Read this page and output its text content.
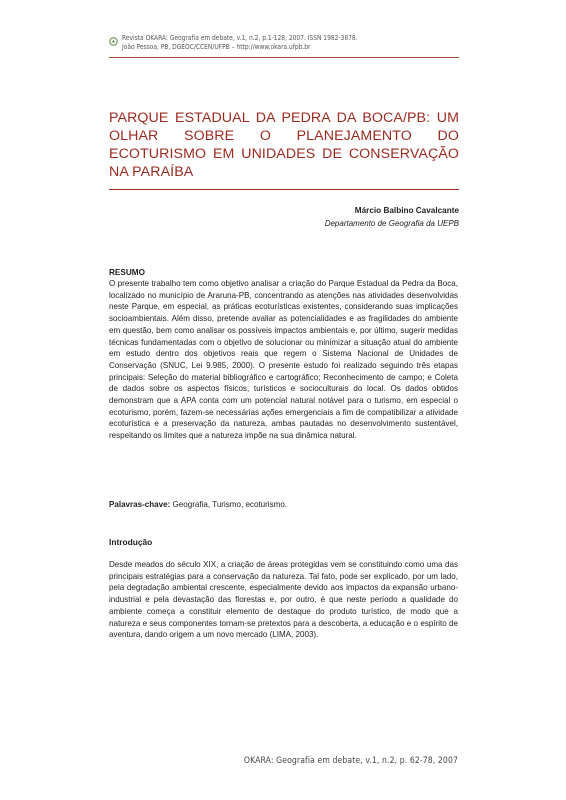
Revista OKARA: Geografia em debate, v.1, n.2, p.1-128, 2007. ISSN 1982-3878.
João Pessoa, PB, DGEOC/CCEN/UFPB – http://www.okara.ufpb.br
PARQUE ESTADUAL DA PEDRA DA BOCA/PB: UM OLHAR SOBRE O PLANEJAMENTO DO ECOTURISMO EM UNIDADES DE CONSERVAÇÃO NA PARAÍBA
Márcio Balbino Cavalcante
Departamento de Geografia da UEPB
RESUMO

O presente trabalho tem como objetivo analisar a criação do Parque Estadual da Pedra da Boca, localizado no município de Araruna-PB, concentrando as atenções nas atividades desenvolvidas neste Parque, em especial, as práticas ecoturísticas existentes, considerando suas implicações socioambientais. Além disso, pretende avaliar as potencialidades e as fragilidades do ambiente em questão, bem como analisar os possíveis impactos ambientais e, por último, sugerir medidas técnicas fundamentadas com o objetivo de solucionar ou minimizar a situação atual do ambiente em estudo dentro dos objetivos reais que regem o Sistema Nacional de Unidades de Conservação (SNUC, Lei 9.985, 2000). O presente estudo foi realizado seguindo três etapas principais: Seleção do material bibliográfico e cartográfico; Reconhecimento de campo; e Coleta de dados sobre os aspectos físicos, turísticos e socioculturais do local. Os dados obtidos demonstram que a APA conta com um potencial natural notável para o turismo, em especial o ecoturismo, porém, fazem-se necessárias ações emergenciais a fim de compatibilizar a atividade ecoturística e a preservação da natureza, ambas pautadas no desenvolvimento sustentável, respeitando os limites que a natureza impõe na sua dinâmica natural.

Palavras-chave: Geografia, Turismo, ecoturismo.
Introdução

Desde meados do século XIX, a criação de áreas protegidas vem se constituindo como uma das principais estratégias para a conservação da natureza. Tal fato, pode ser explicado, por um lado, pela degradação ambiental crescente, especialmente devido aos impactos da expansão urbano-industrial e pela devastação das florestas e, por outro, é que neste período a qualidade do ambiente começa a constituir elemento de destaque do produto turístico, de modo que a natureza e seus componentes tornam-se pretextos para a descoberta, a educação e o espírito de aventura, dando origem a um novo mercado (LIMA, 2003).

OKARA: Geografia em debate, v.1, n.2, p. 62-78, 2007
